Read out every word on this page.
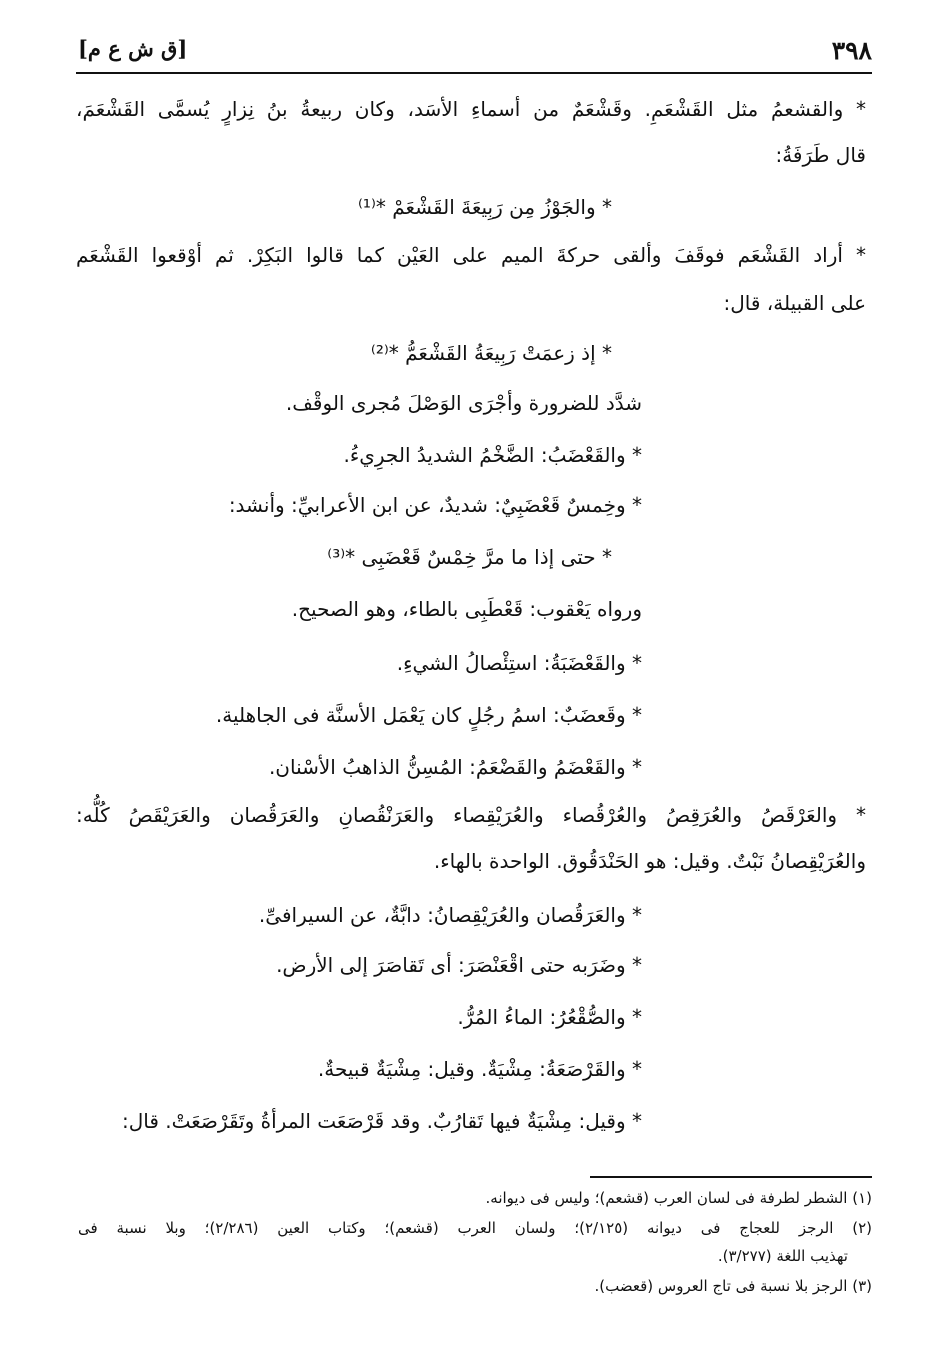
٣٩٨
[ق ش ع م]
* والقشعمُ مثل القَشْعَمِ. وقَشْعَمٌ من أسماءِ الأسَد، وكان ربيعةُ بنُ نِزارٍ يُسمَّى القَشْعَمَ،
قال طَرَفَةُ:
* والجَوْزُ مِن رَبِيعَةَ القَشْعَمْ *⁽¹⁾
* أراد القَشْعَم فوقَفَ وألقى حركةَ الميم على العَيْن كما قالوا البَكِرْ. ثم أوْقعوا القَشْعَم
على القبيلة، قال:
* إذ زعمَتْ رَبِيعَةُ القَشْعَمُّ *⁽²⁾
شدَّد للضرورة وأجْرَى الوَصْلَ مُجرى الوقْف.
* والقَعْضَبُ: الضَّخْمُ الشديدُ الجرِيءُ.
* وخِمسٌ قَعْضَبِيٌ: شديدٌ، عن ابن الأعرابيِّ: وأنشد:
* حتى إذا ما مرَّ خِمْسٌ قَعْضَبِى *⁽³⁾
ورواه يَعْقوب: قَعْطَبِى بالطاء، وهو الصحيح.
* والقَعْضَبَةُ: استِئْصالُ الشيءِ.
* وقَعضَبٌ: اسمُ رجُلٍ كان يَعْمَل الأسنَّة فى الجاهلية.
* والقَعْضَمُ والقَضْعَمُ: المُسِنُّ الذاهبُ الأسْنان.
* والعَرْقَصُ والعُرَقِصُ والعُرْقُصاء والعُرَيْقِصاء والعَرَنْقُصانِ والعَرَقُصان والعَرَيْقَصُ كُلُّه:
والعُرَيْقِصانُ نَبْتٌ. وقيل: هو الحَنْدَقُوق. الواحدة بالهاء.
* والعَرَقُصان والعُرَيْقِصانُ: دابَّةٌ، عن السيرافىِّ.
* وضَرَبه حتى اقْعَنْصَرَ: أى تَقاصَرَ إلى الأرض.
* والصُّقْعُرُ: الماءُ المُرُّ.
* والقَرْصَعَةُ: مِشْيَةٌ. وقيل: مِشْيَةٌ قبيحةٌ.
* وقيل: مِشْيَةٌ فيها تَقارُبٌ. وقد قَرْصَعَت المرأةُ وتَقَرْصَعَتْ. قال:
(١) الشطر لطرفة فى لسان العرب (قشعم)؛ وليس فى ديوانه.
(٢) الرجز للعجاج فى ديوانه (٢/١٢٥)؛ ولسان العرب (قشعم)؛ وكتاب العين (٢/٢٨٦)؛ وبلا نسبة فى
تهذيب اللغة (٣/٢٧٧).
(٣) الرجز بلا نسبة فى تاج العروس (قعضب).
